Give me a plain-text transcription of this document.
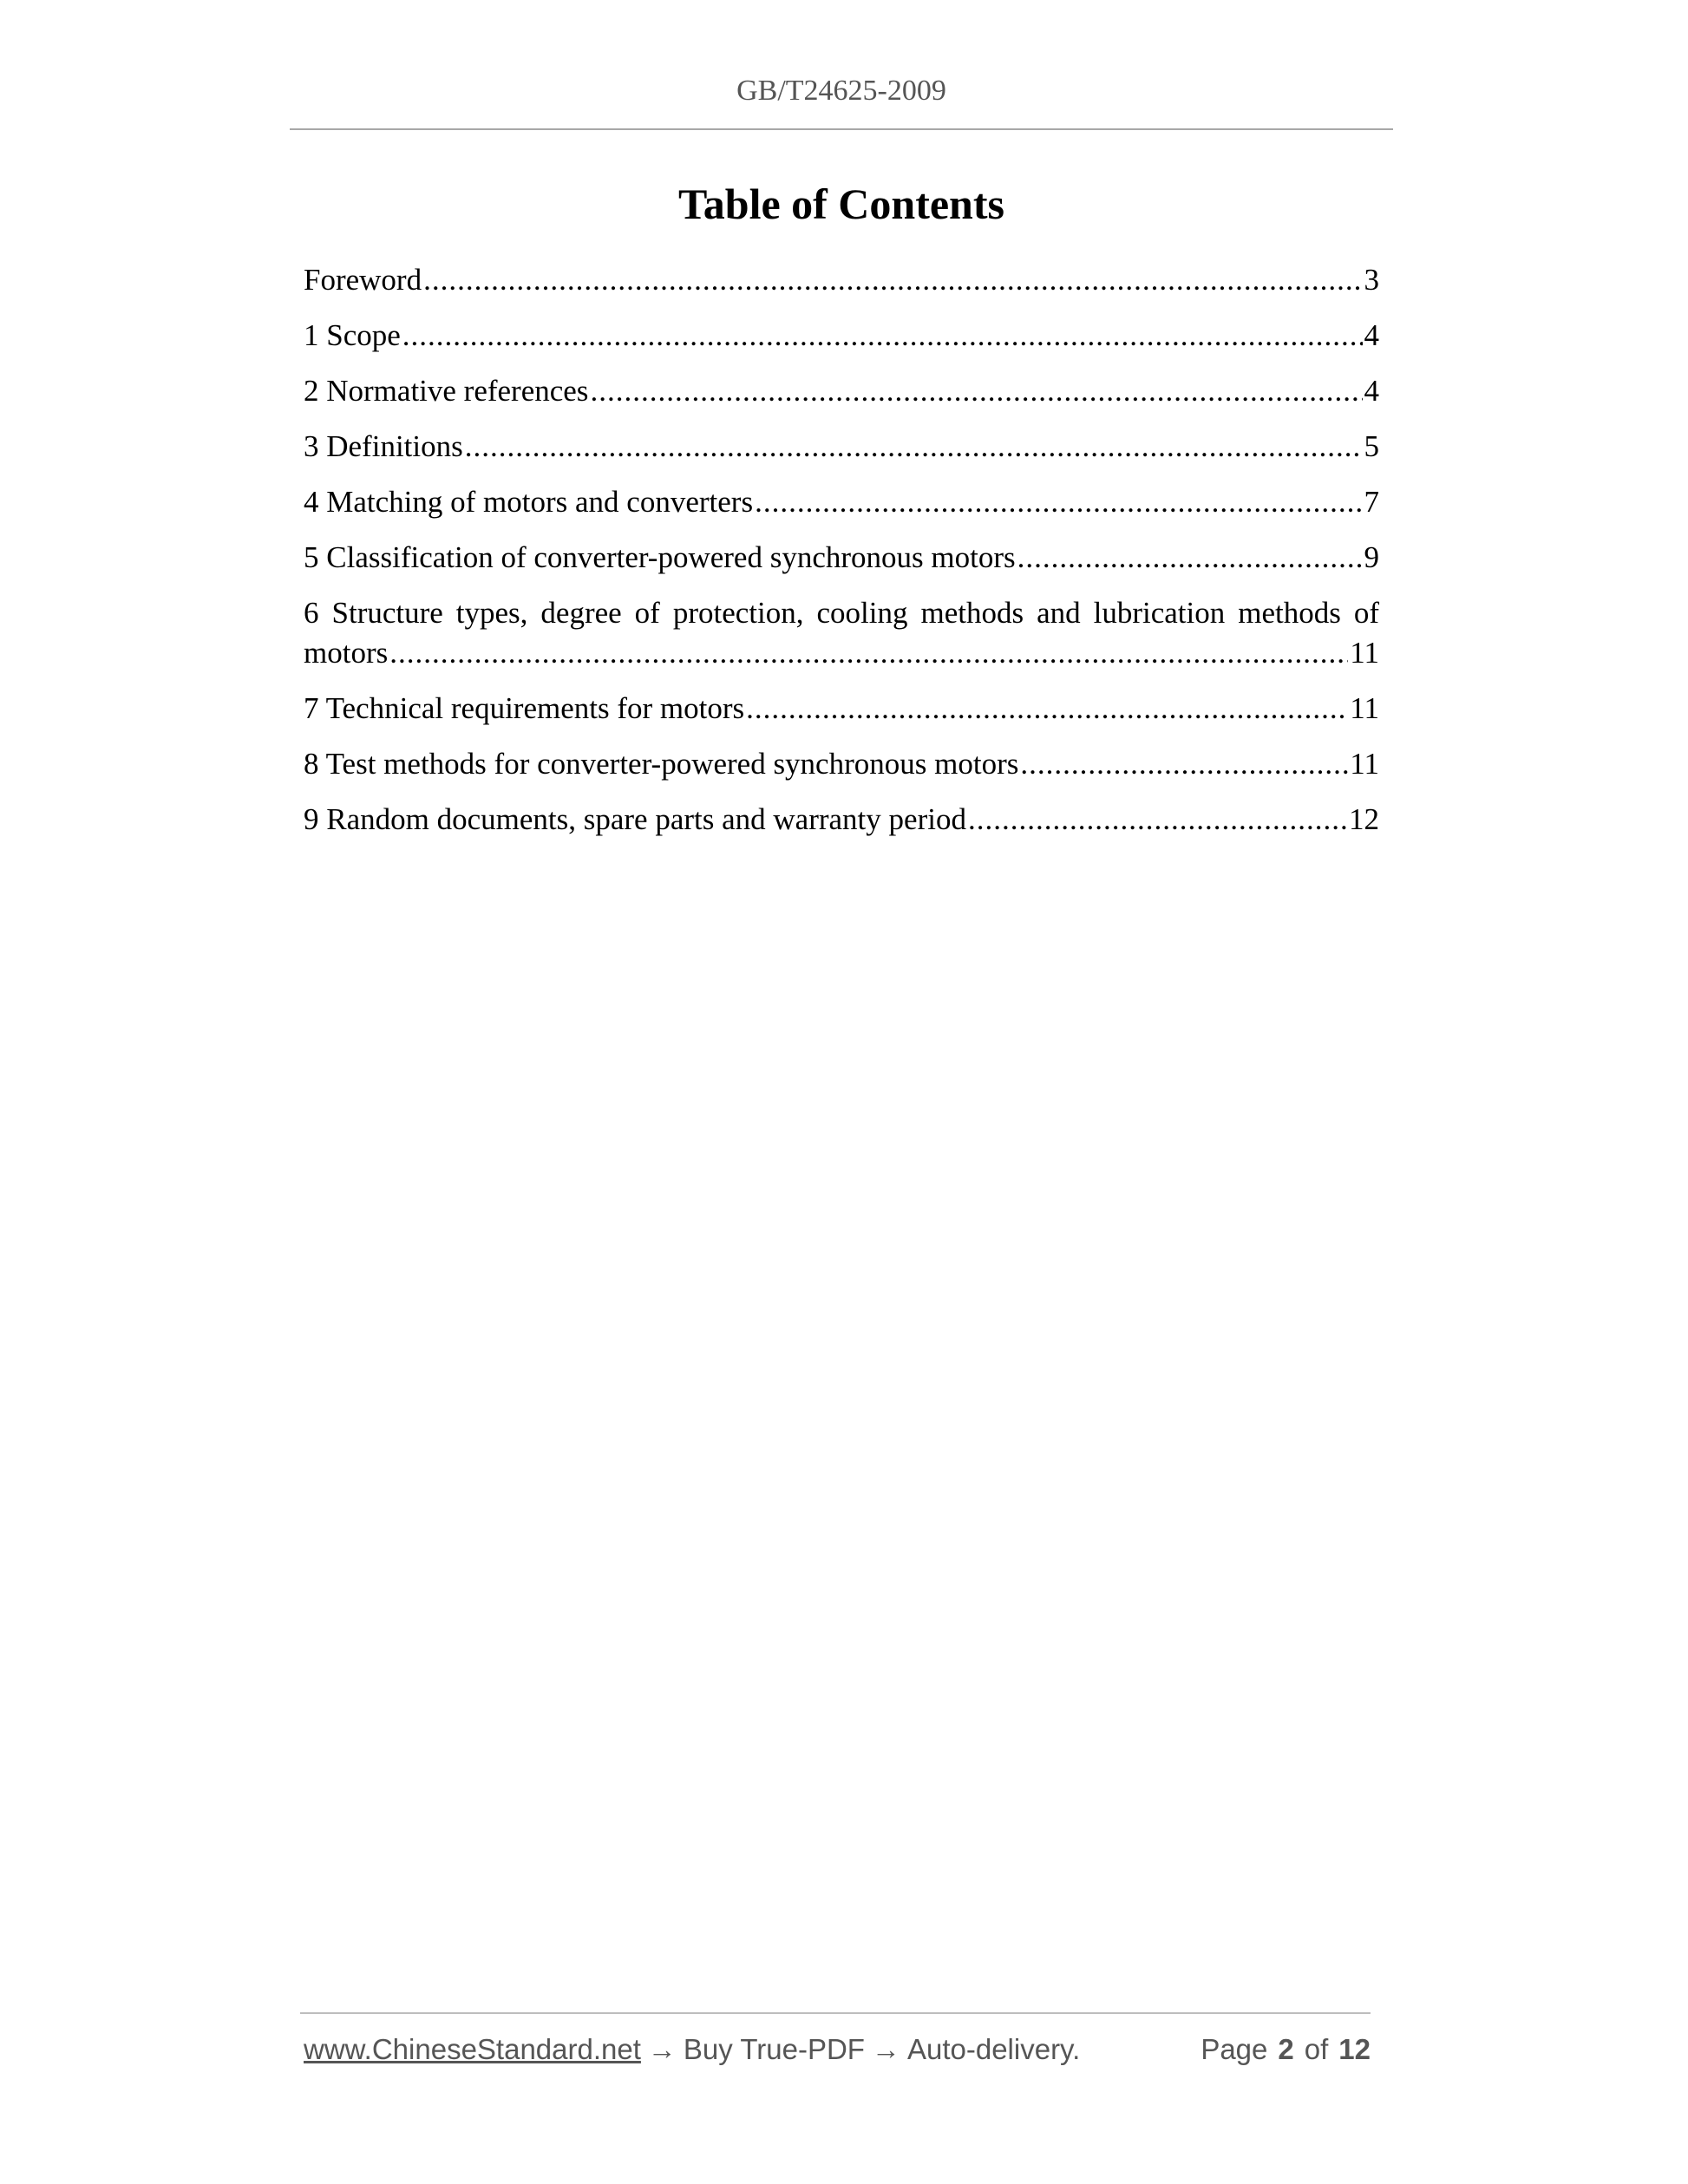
GB/T24625-2009
Table of Contents
Foreword .....	3
1 Scope .....	4
2 Normative references .....	4
3 Definitions .....	5
4 Matching of motors and converters .....	7
5 Classification of converter-powered synchronous motors .....	9
6 Structure types, degree of protection, cooling methods and lubrication methods of
motors .....	11
7 Technical requirements for motors .....	11
8 Test methods for converter-powered synchronous motors .....	11
9 Random documents, spare parts and warranty period .....	12
www.ChineseStandard.net → Buy True-PDF → Auto-delivery.	Page 2 of 12
